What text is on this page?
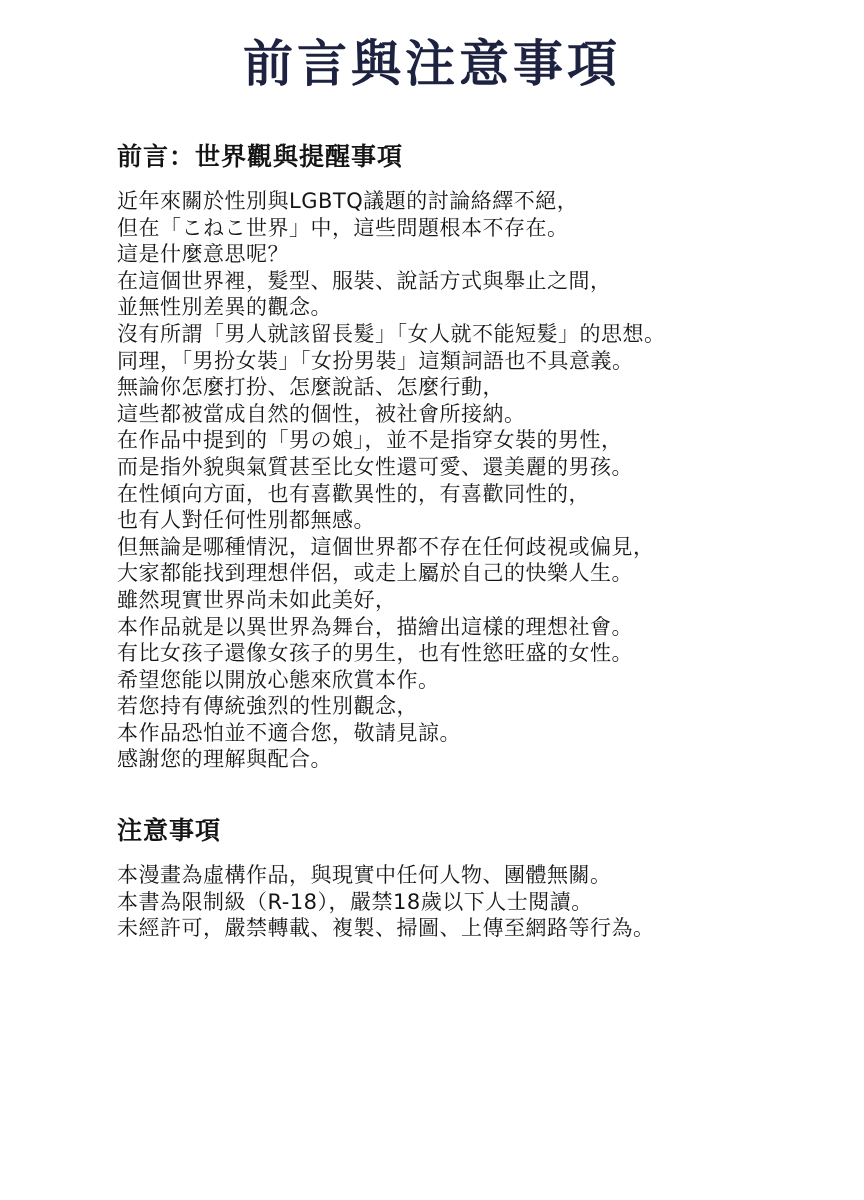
前言與注意事項
前言：世界觀與提醒事項
近年來關於性別與LGBTQ議題的討論絡繹不絕，
但在「こねこ世界」中，這些問題根本不存在。
這是什麼意思呢？
在這個世界裡，髮型、服裝、說話方式與舉止之間，
並無性別差異的觀念。
沒有所謂「男人就該留長髮」「女人就不能短髮」的思想。
同理，「男扮女裝」「女扮男裝」這類詞語也不具意義。
無論你怎麼打扮、怎麼說話、怎麼行動，
這些都被當成自然的個性，被社會所接納。
在作品中提到的「男の娘」，並不是指穿女裝的男性，
而是指外貌與氣質甚至比女性還可愛、還美麗的男孩。
在性傾向方面，也有喜歡異性的，有喜歡同性的，
也有人對任何性別都無感。
但無論是哪種情況，這個世界都不存在任何歧視或偏見，
大家都能找到理想伴侶，或走上屬於自己的快樂人生。
雖然現實世界尚未如此美好，
本作品就是以異世界為舞台，描繪出這樣的理想社會。
有比女孩子還像女孩子的男生，也有性慾旺盛的女性。
希望您能以開放心態來欣賞本作。
若您持有傳統強烈的性別觀念，
本作品恐怕並不適合您，敬請見諒。
感謝您的理解與配合。
注意事項
本漫畫為虛構作品，與現實中任何人物、團體無關。
本書為限制級（R-18），嚴禁18歲以下人士閱讀。
未經許可，嚴禁轉載、複製、掃圖、上傳至網路等行為。
